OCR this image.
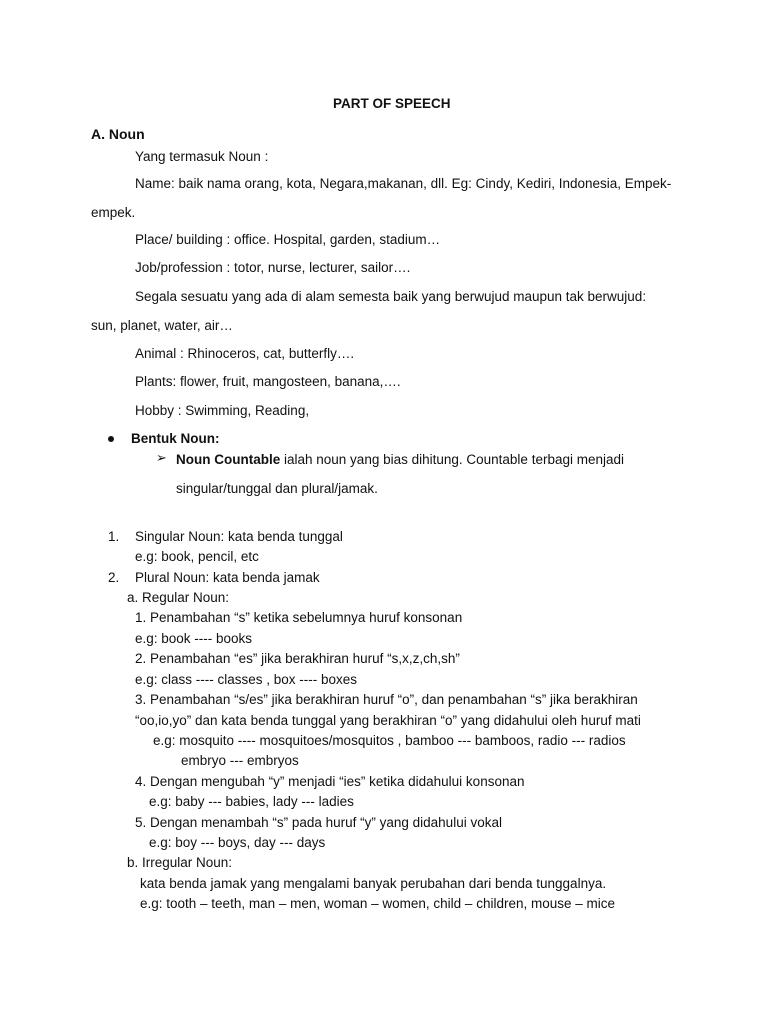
PART OF SPEECH
A. Noun
Yang termasuk Noun :
Name: baik nama orang, kota, Negara,makanan, dll. Eg: Cindy, Kediri, Indonesia, Empek-
empek.
Place/ building : office. Hospital, garden, stadium…
Job/profession : totor, nurse, lecturer, sailor….
Segala sesuatu yang ada di alam semesta baik yang berwujud maupun tak berwujud:
sun, planet, water, air…
Animal : Rhinoceros, cat, butterfly….
Plants: flower, fruit, mangosteen, banana,….
Hobby : Swimming, Reading,
Bentuk Noun:
➢ Noun Countable ialah noun yang bias dihitung. Countable terbagi menjadi
singular/tunggal dan plural/jamak.
1. Singular Noun: kata benda tunggal
e.g: book, pencil, etc
2. Plural Noun: kata benda jamak
a. Regular Noun:
1. Penambahan “s” ketika sebelumnya huruf konsonan
e.g: book ---- books
2. Penambahan “es” jika berakhiran huruf “s,x,z,ch,sh”
e.g: class ---- classes , box ---- boxes
3. Penambahan “s/es” jika berakhiran huruf “o”, dan penambahan “s” jika berakhiran
“oo,io,yo” dan kata benda tunggal yang berakhiran “o” yang didahului oleh huruf mati
e.g: mosquito ---- mosquitoes/mosquitos , bamboo --- bamboos, radio --- radios
embryo --- embryos
4. Dengan mengubah “y” menjadi “ies” ketika didahului konsonan
e.g: baby --- babies, lady --- ladies
5. Dengan menambah “s” pada huruf “y” yang didahului vokal
e.g: boy --- boys, day --- days
b. Irregular Noun:
kata benda jamak yang mengalami banyak perubahan dari benda tunggalnya.
e.g: tooth – teeth, man – men, woman – women, child – children, mouse – mice
